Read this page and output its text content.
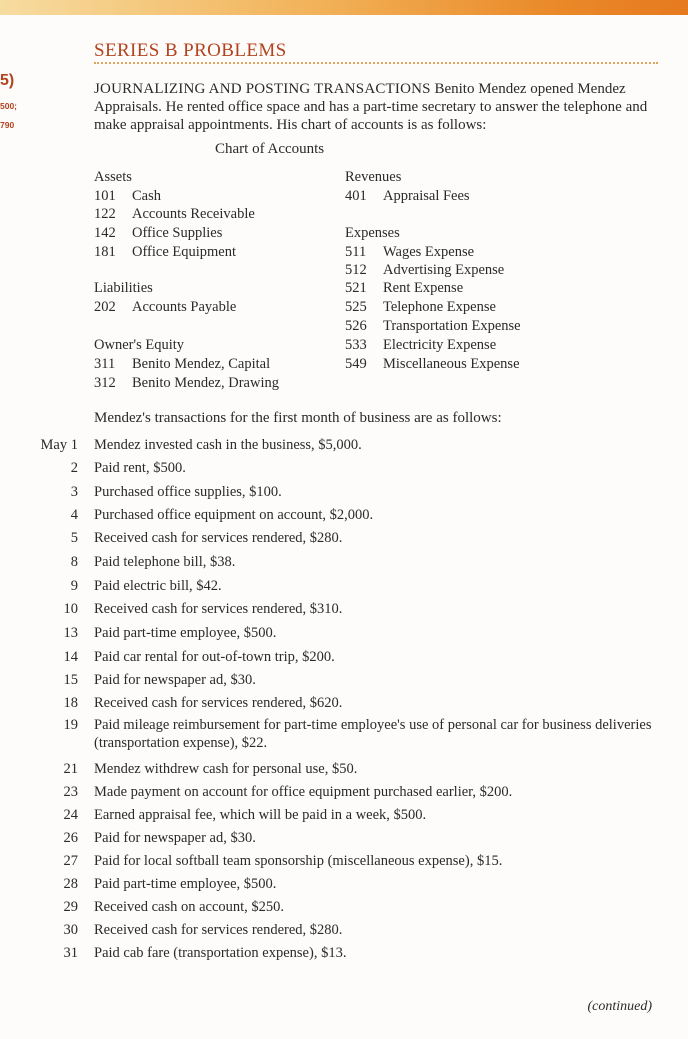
5)
500;
790
SERIES B PROBLEMS
JOURNALIZING AND POSTING TRANSACTIONS Benito Mendez opened Mendez Appraisals. He rented office space and has a part-time secretary to answer the telephone and make appraisal appointments. His chart of accounts is as follows:
Chart of Accounts
Assets
101 Cash
122 Accounts Receivable
142 Office Supplies
181 Office Equipment
Liabilities
202 Accounts Payable
Owner's Equity
311 Benito Mendez, Capital
312 Benito Mendez, Drawing
Revenues
401 Appraisal Fees
Expenses
511 Wages Expense
512 Advertising Expense
521 Rent Expense
525 Telephone Expense
526 Transportation Expense
533 Electricity Expense
549 Miscellaneous Expense
Mendez's transactions for the first month of business are as follows:
May 1 Mendez invested cash in the business, $5,000.
2 Paid rent, $500.
3 Purchased office supplies, $100.
4 Purchased office equipment on account, $2,000.
5 Received cash for services rendered, $280.
8 Paid telephone bill, $38.
9 Paid electric bill, $42.
10 Received cash for services rendered, $310.
13 Paid part-time employee, $500.
14 Paid car rental for out-of-town trip, $200.
15 Paid for newspaper ad, $30.
18 Received cash for services rendered, $620.
19 Paid mileage reimbursement for part-time employee's use of personal car for business deliveries (transportation expense), $22.
21 Mendez withdrew cash for personal use, $50.
23 Made payment on account for office equipment purchased earlier, $200.
24 Earned appraisal fee, which will be paid in a week, $500.
26 Paid for newspaper ad, $30.
27 Paid for local softball team sponsorship (miscellaneous expense), $15.
28 Paid part-time employee, $500.
29 Received cash on account, $250.
30 Received cash for services rendered, $280.
31 Paid cab fare (transportation expense), $13.
(continued)
